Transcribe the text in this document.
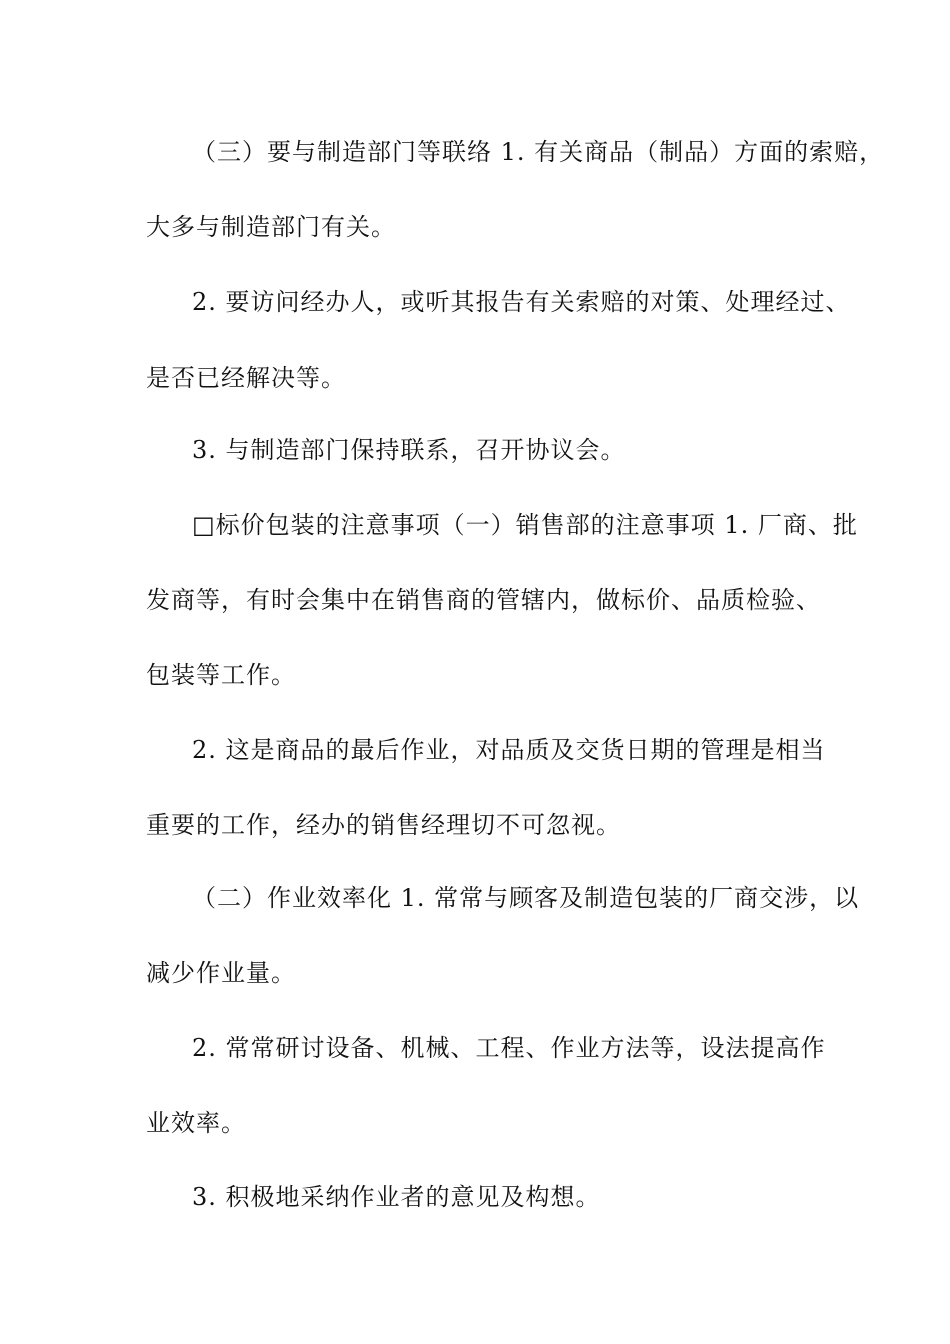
（三）要与制造部门等联络 1. 有关商品（制品）方面的索赔，
大多与制造部门有关。
2. 要访问经办人，或听其报告有关索赔的对策、处理经过、
是否已经解决等。
3. 与制造部门保持联系，召开协议会。
□标价包装的注意事项（一）销售部的注意事项 1. 厂商、批
发商等，有时会集中在销售商的管辖内，做标价、品质检验、
包装等工作。
2. 这是商品的最后作业，对品质及交货日期的管理是相当
重要的工作，经办的销售经理切不可忽视。
（二）作业效率化 1. 常常与顾客及制造包装的厂商交涉，以
减少作业量。
2. 常常研讨设备、机械、工程、作业方法等，设法提高作
业效率。
3. 积极地采纳作业者的意见及构想。
